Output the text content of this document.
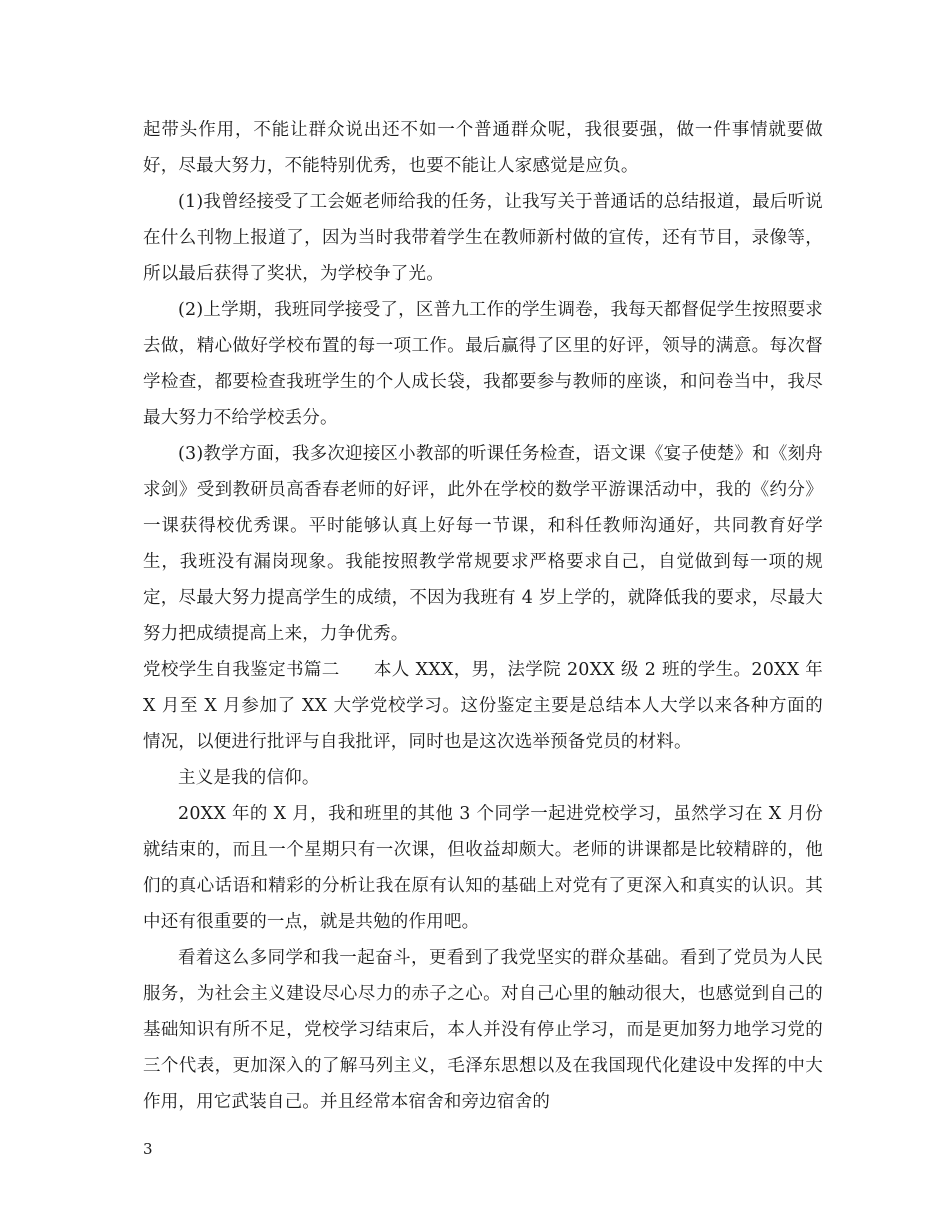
起带头作用，不能让群众说出还不如一个普通群众呢，我很要强，做一件事情就要做好，尽最大努力，不能特别优秀，也要不能让人家感觉是应负。

(1)我曾经接受了工会姬老师给我的任务，让我写关于普通话的总结报道，最后听说在什么刊物上报道了，因为当时我带着学生在教师新村做的宣传，还有节目，录像等，所以最后获得了奖状，为学校争了光。

(2)上学期，我班同学接受了，区普九工作的学生调卷，我每天都督促学生按照要求去做，精心做好学校布置的每一项工作。最后赢得了区里的好评，领导的满意。每次督学检查，都要检查我班学生的个人成长袋，我都要参与教师的座谈，和问卷当中，我尽最大努力不给学校丢分。

(3)教学方面，我多次迎接区小教部的听课任务检查，语文课《宴子使楚》和《刻舟求剑》受到教研员高香春老师的好评，此外在学校的数学平游课活动中，我的《约分》一课获得校优秀课。平时能够认真上好每一节课，和科任教师沟通好，共同教育好学生，我班没有漏岗现象。我能按照教学常规要求严格要求自己，自觉做到每一项的规定，尽最大努力提高学生的成绩，不因为我班有 4 岁上学的，就降低我的要求，尽最大努力把成绩提高上来，力争优秀。

党校学生自我鉴定书篇二 本人 XXX，男，法学院 20XX 级 2 班的学生。20XX 年 X 月至 X 月参加了 XX 大学党校学习。这份鉴定主要是总结本人大学以来各种方面的情况，以便进行批评与自我批评，同时也是这次选举预备党员的材料。

主义是我的信仰。

20XX 年的 X 月，我和班里的其他 3 个同学一起进党校学习，虽然学习在 X 月份就结束的，而且一个星期只有一次课，但收益却颇大。老师的讲课都是比较精辟的，他们的真心话语和精彩的分析让我在原有认知的基础上对党有了更深入和真实的认识。其中还有很重要的一点，就是共勉的作用吧。

看着这么多同学和我一起奋斗，更看到了我党坚实的群众基础。看到了党员为人民服务，为社会主义建设尽心尽力的赤子之心。对自己心里的触动很大，也感觉到自己的基础知识有所不足，党校学习结束后，本人并没有停止学习，而是更加努力地学习党的三个代表，更加深入的了解马列主义，毛泽东思想以及在我国现代化建设中发挥的中大作用，用它武装自己。并且经常本宿舍和旁边宿舍的

3
